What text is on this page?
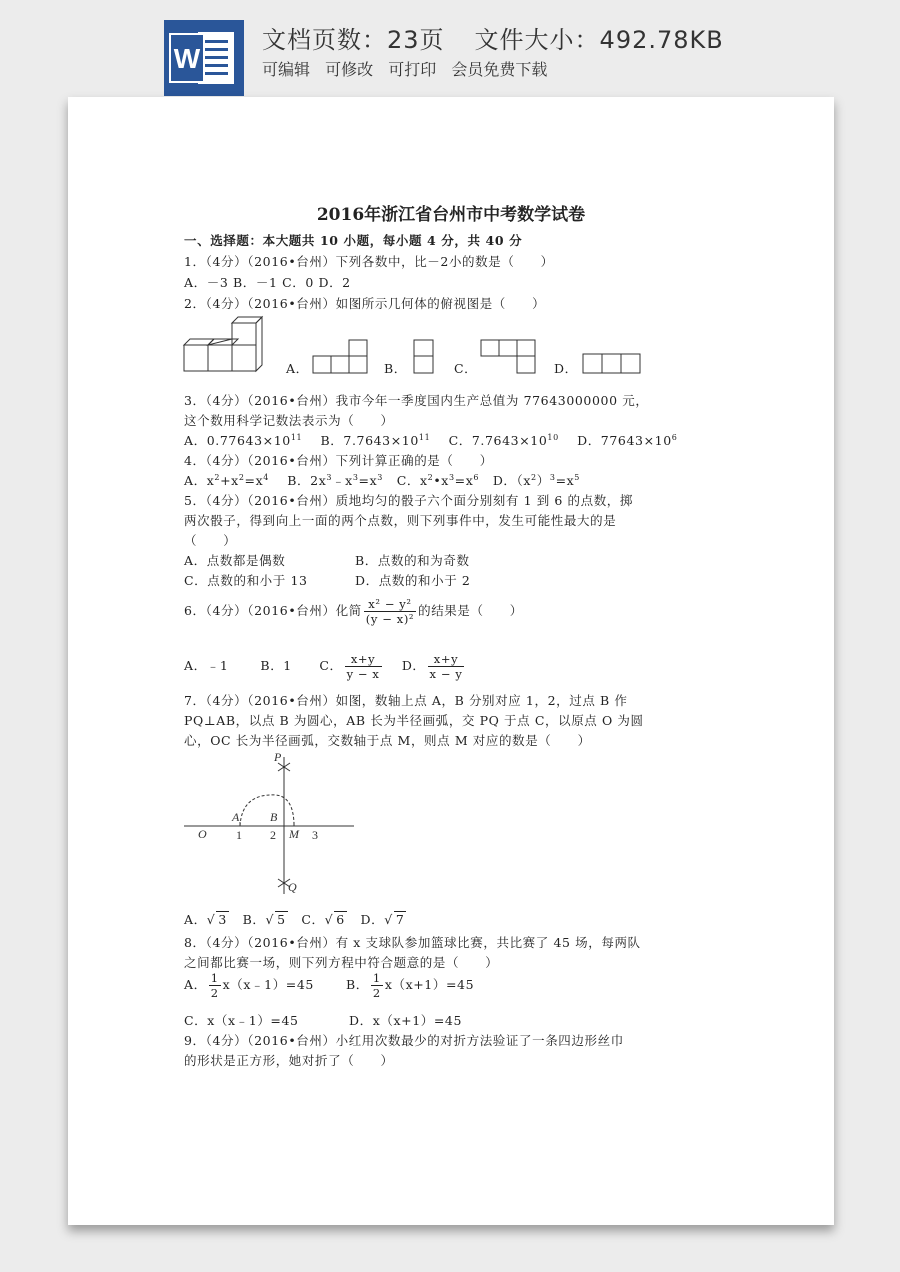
W
文档页数：23页 文件大小：492.78KB
可编辑 可修改 可打印 会员免费下载
2016年浙江省台州市中考数学试卷
一、选择题：本大题共 10 小题，每小题 4 分，共 40 分
1．（4分）（2016•台州）下列各数中，比－2小的数是（　　）
A．－3 B．－1 C．0 D．2
2．（4分）（2016•台州）如图所示几何体的俯视图是（　　）
A．	B．	C．	D．
3．（4分）（2016•台州）我市今年一季度国内生产总值为 77643000000 元，
这个数用科学记数法表示为（　　）
A．$0.77643\times 10^{11}$ B．$7.7643\times 10^{11}$ C．$7.7643\times 10^{10}$ D．$77643\times 10^6$
4．（4分）（2016•台州）下列计算正确的是（　　）
A．$x^2+x^2=x^4$ B．$2x^3﹣x^3=x^3$ C．$x^2•x^3=x^6$ D．$(x^2)^3=x^5$
5．（4分）（2016•台州）质地均匀的骰子六个面分别刻有 1 到 6 的点数，掷
两次骰子，得到向上一面的两个点数，则下列事件中，发生可能性最大的是
（　　）
A．点数都是偶数	B．点数的和为奇数
C．点数的和小于 13	D．点数的和小于 2
6．（4分）（2016•台州）化简 $\frac{\text{x² − y²}}{\text{(y − x)²}}$ 的结果是（　　）
A．﹣1	B．1 C． $\frac{x+y}{y - x}$ D． $\frac{x+y}{x - y}$
7．（4分）（2016•台州）如图，数轴上点 A，B 分别对应 1，2，过点 B 作
PQ⊥AB，以点 B 为圆心，AB 长为半径画弧，交 PQ 于点 C，以原点 O 为圆
心，OC 长为半径画弧，交数轴于点 M，则点 M 对应的数是（　　）
P
Q
O
A	B
M
1 2	3
A．√ 3 B．√ 5 C．√ 6 D．√ 7
8．（4分）（2016•台州）有 x 支球队参加篮球比赛，共比赛了 45 场，每两队
之间都比赛一场，则下列方程中符合题意的是（　　）
A． $\frac{1}{2}$ x（x﹣1）=45	B． $\frac{1}{2} x(x+1)=45$
C．x（x﹣1）=45	D．x（x+1）=45
9．（4分）（2016•台州）小红用次数最少的对折方法验证了一条四边形丝巾
的形状是正方形，她对折了（　　）
